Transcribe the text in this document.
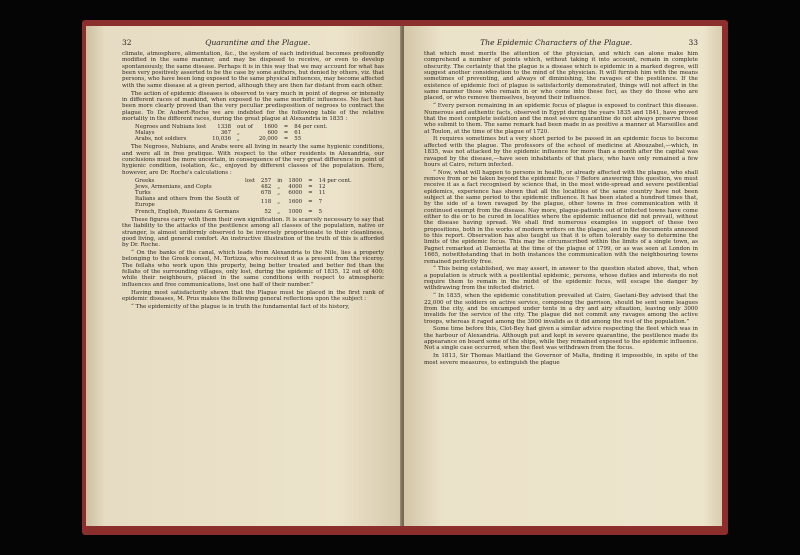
32	Quarantine and the Plague.

climate, atmosphere, alimentation, &c., the system of each individual becomes profoundly modified in the same manner, and may be disposed to receive, or even to develop spontaneously, the same disease. Perhaps it is in this way that we may account for what has been very positively asserted to be the case by some authors, but denied by others, viz. that persons, who have been long exposed to the same physical influences, may become affected with the same disease at a given period, although they are then far distant from each other.

The action of epidemic diseases is observed to vary much in point of degree or intensity in different races of mankind, when exposed to the same morbific influences. No fact has been more clearly proved than the very peculiar predisposition of negroes to contract the plague. To Dr. Aubert-Roche we are indebted for the following table of the relative mortality in the different races, during the great plague at Alexandria in 1835 :

Negroes and Nubians lost	1338	out of	1600	=	84 per cent.
Malays	367	„	600	=	61
Arabs, not soldiers	10,036	„	20,000	=	55

The Negroes, Nubians, and Arabs were all living in nearly the same hygienic conditions, and were all in free pratique. With respect to the other residents in Alexandria, our conclusions must be more uncertain, in consequence of the very great difference in point of hygienic condition, isolation, &c., enjoyed by different classes of the population. Here, however, are Dr. Roche's calculations :

Greeks	lost	257	in	1800	=	14 per cent.
Jews, Armenians, and Copts		482	„	4000	=	12
Turks		678	„	6000	=	11
Italians and others from the South of Europe		118	„	1600	=	7
French, English, Russians & Germans		52	„	1000	=	5

These figures carry with them their own signification. It is scarcely necessary to say that the liability to the attacks of the pestilence among all classes of the population, native or stranger, is almost uniformly observed to be inversely proportionate to their cleanliness, good living, and general comfort. An instructive illustration of the truth of this is afforded by Dr. Roche.

“ On the banks of the canal, which leads from Alexandria to the Nile, lies a property belonging to the Greek consul, M. Tortizza, who received it as a present from the viceroy. The fellahs who work upon this property, being better treated and better fed than the fellahs of the surrounding villages, only lost, during the epidemic of 1835, 12 out of 400; while their neighbours, placed in the same conditions with respect to atmospheric influences and free communications, lost one half of their number.”

Having most satisfactorily shewn that the Plague must be placed in the first rank of epidemic diseases, M. Prus makes the following general reflections upon the subject :

“ The epidemicity of the plague is in truth the fundamental fact of its history,

The Epidemic Characters of the Plague.	33

that which most merits the attention of the physician, and which can alone make him comprehend a number of points which, without taking it into account, remain in complete obscurity. The certainty that the plague is a disease which is epidemic in a marked degree, will suggest another consideration to the mind of the physician. It will furnish him with the means sometimes of preventing, and always of diminishing, the ravages of the pestilence. If the existence of epidemic foci of plague is satisfactorily demonstrated, things will not affect in the same manner those who remain in or who come into these foci, as they do those who are placed, or who remove themselves, beyond their influence.

“ Every person remaining in an epidemic focus of plague is exposed to contract this disease. Numerous and authentic facts, observed in Egypt during the years 1835 and 1841, have proved that the most complete isolation and the most severe quarantine do not always preserve those who submit to them. The same remark had been made in as positive a manner at Marseilles and at Toulon, at the time of the plague of 1720.

It requires sometimes but a very short period to be passed in an epidemic focus to become affected with the plague. The professors of the school of medicine at Abouzabel,—which, in 1835, was not attacked by the epidemic influence for more than a month after the capital was ravaged by the disease,—have seen inhabitants of that place, who have only remained a few hours at Cairo, return infected.

“ Now, what will happen to persons in health, or already affected with the plague, who shall remove from or be taken beyond the epidemic focus ? Before answering this question, we must receive it as a fact recognised by science that, in the most wide-spread and severe pestilential epidemics, experience has shewn that all the localities of the same country have not been subject at the same period to the epidemic influence. It has been stated a hundred times that, by the side of a town ravaged by the plague, other towns in free communication with it continued exempt from the disease. Nay more, plague-patients out of infected towns have come either to die or to be cured in localities where the epidemic influence did not prevail, without the disease having spread. We shall find numerous examples in support of these two propositions, both in the works of modern writers on the plague, and in the documents annexed to this report. Observation has also taught us that it is often tolerably easy to determine the limits of the epidemic focus. This may be circumscribed within the limits of a single town, as Pagnet remarked at Damietta at the time of the plague of 1799, or as was seen at London in 1665, notwithstanding that in both instances the communication with the neighbouring towns remained perfectly free.

“ This being established, we may assert, in answer to the question stated above, that, when a population is struck with a pestilential epidemic, persons, whose duties and interests do not require them to remain in the midst of the epidemic focus, will escape the danger by withdrawing from the infected district.

“ In 1835, when the epidemic constitution prevailed at Cairo, Gaetani-Bey advised that the 22,000 of the soldiers on active service, composing the garrison, should be sent some leagues from the city, and be encamped under tents in a dry and airy situation, leaving only 3000 invalids for the service of the city. The plague did not commit any ravages among the active troops, whereas it raged among the 3000 invalids as it did among the rest of the population.”

Some time before this, Clot-Bey had given a similar advice respecting the fleet which was in the harbour of Alexandria. Although put and kept in severe quarantine, the pestilence made its appearance on board some of the ships, while they remained exposed to the epidemic influence. Not a single case occurred, when the fleet was withdrawn from the focus.

In 1813, Sir Thomas Maitland the Governor of Malta, finding it impossible, in spite of the most severe measures, to extinguish the plague
